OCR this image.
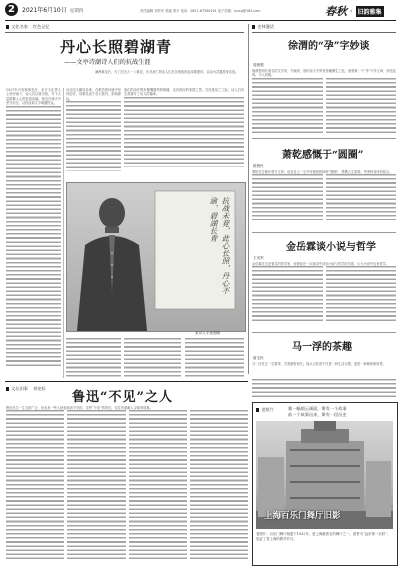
2	2021年6月10日 星期四	责任编辑 刘亮华 美编 郑平 电话：0871-67590191 电子信箱：lyzcg@163.com	春秋 · 旧韵雅集
文化名家 红色记忆
丹心长照碧湖青
——文亭诗潮诗人们的抗战生涯
满洲事变后，为了纪念九一八事变，东北流亡的诗人们在各地组织起诗歌团体，以诗为武器投身抗战。
1937年卢沟桥事变后，北平文化界人士纷纷南下，诗人们以笔为枪，写下大量鼓舞人心的抗战诗篇。他们在烽火中坚守信念，以热血和文字唤醒民众。
诗社同人辗转各地，在艰苦的环境中坚持创作，诗歌发表于各大报刊，影响深远。
抗战未竟，此心长照，丹心不渝，碧湖长青
某诗人手迹题赠
他们的诗作既有慷慨激昂的呐喊，也有深沉的家国之思。在民族危亡之际，诗人们用生命谱写了动人的篇章。
史林漫话
徐渭的“孕”字妙谈
周维强
徐渭是明代著名的文学家、书画家，他的诗文中常有妙趣横生之处。他曾就一个“孕”字作文章，妙语连珠，令人叫绝。
萧乾感慨于“圆圈”
陈鲁民
萧乾先生晚年曾写文章，谈及自己一生中所遇到的种种“圆圈”，感慨人生如圆，兜兜转转终回原点。
金岳霖谈小说与哲学
王吴军
金岳霖先生是著名的哲学家，他曾经在一次演讲中谈到小说与哲学的关系，认为小说中也有哲学。
马一浮的茶趣
唐宝民
马一浮先生一生嗜茶，对茶颇有研究。他认为饮茶不仅是一种生活习惯，更是一种修养和境界。
文坛旧事 刘宪标
鲁迅“不见”之人
鲁迅先生一生交游广泛，但也有一些人是他执意不见的。这些“不见”的背后，往往有着耐人寻味的故事。	老照片	雾一幅烟云画面，斯有一个故事
前一个故事出来，斯有一段历史
上海百乐门舞厅旧影
老照片：百乐门舞厅始建于1932年，是上海最著名的舞厅之一，被誉为“远东第一乐府”，见证了老上海的繁华岁月。
